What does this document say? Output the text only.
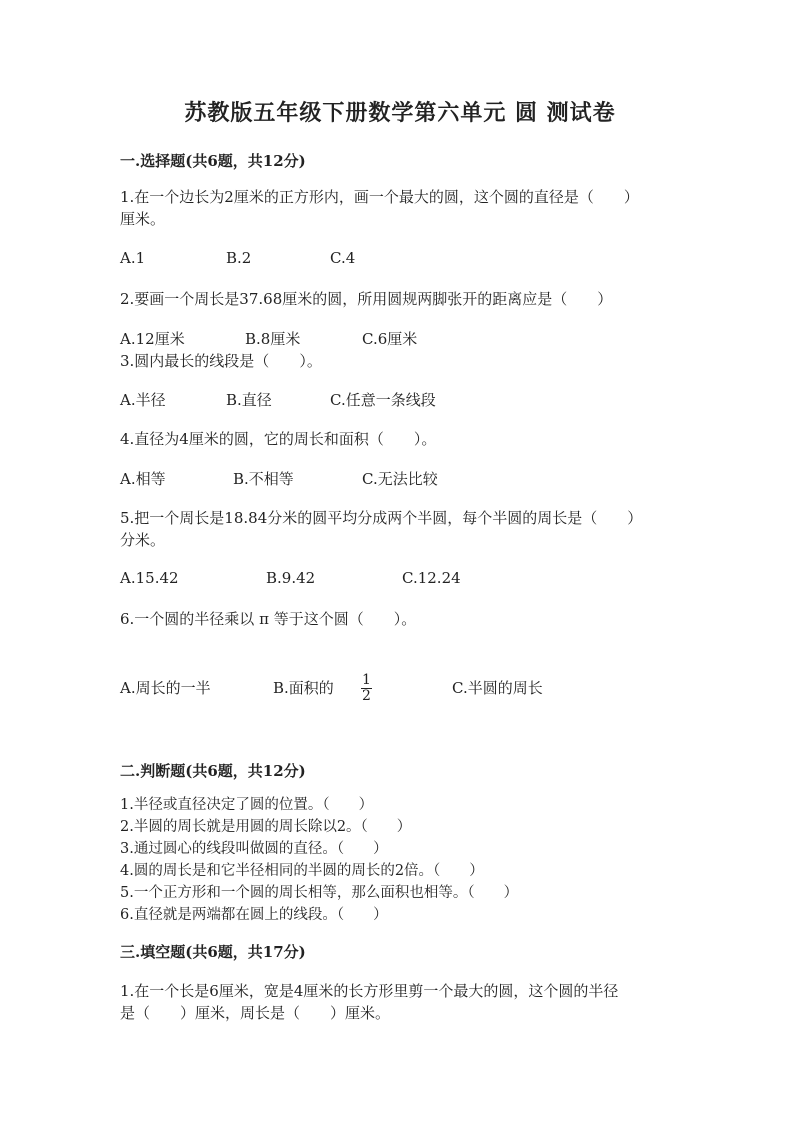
苏教版五年级下册数学第六单元 圆 测试卷
一.选择题(共6题，共12分)
1.在一个边长为2厘米的正方形内，画一个最大的圆，这个圆的直径是（　　）
厘米。
A.1	B.2	C.4
2.要画一个周长是37.68厘米的圆，所用圆规两脚张开的距离应是（　　）
A.12厘米	B.8厘米	C.6厘米
3.圆内最长的线段是（　　）。
A.半径	B.直径	C.任意一条线段
4.直径为4厘米的圆，它的周长和面积（　　）。
A.相等	B.不相等	C.无法比较
5.把一个周长是18.84分米的圆平均分成两个半圆，每个半圆的周长是（　　）
分米。
A.15.42	B.9.42	C.12.24
6.一个圆的半径乘以 π 等于这个圆（　　）。
A.周长的一半	B.面积的 $\frac{1}{2}$	C.半圆的周长
二.判断题(共6题，共12分)
1.半径或直径决定了圆的位置。（　　）
2.半圆的周长就是用圆的周长除以2。（　　）
3.通过圆心的线段叫做圆的直径。（　　）
4.圆的周长是和它半径相同的半圆的周长的2倍。（　　）
5.一个正方形和一个圆的周长相等，那么面积也相等。（　　）
6.直径就是两端都在圆上的线段。（　　）
三.填空题(共6题，共17分)
1.在一个长是6厘米，宽是4厘米的长方形里剪一个最大的圆，这个圆的半径
是（　　）厘米，周长是（　　）厘米。
